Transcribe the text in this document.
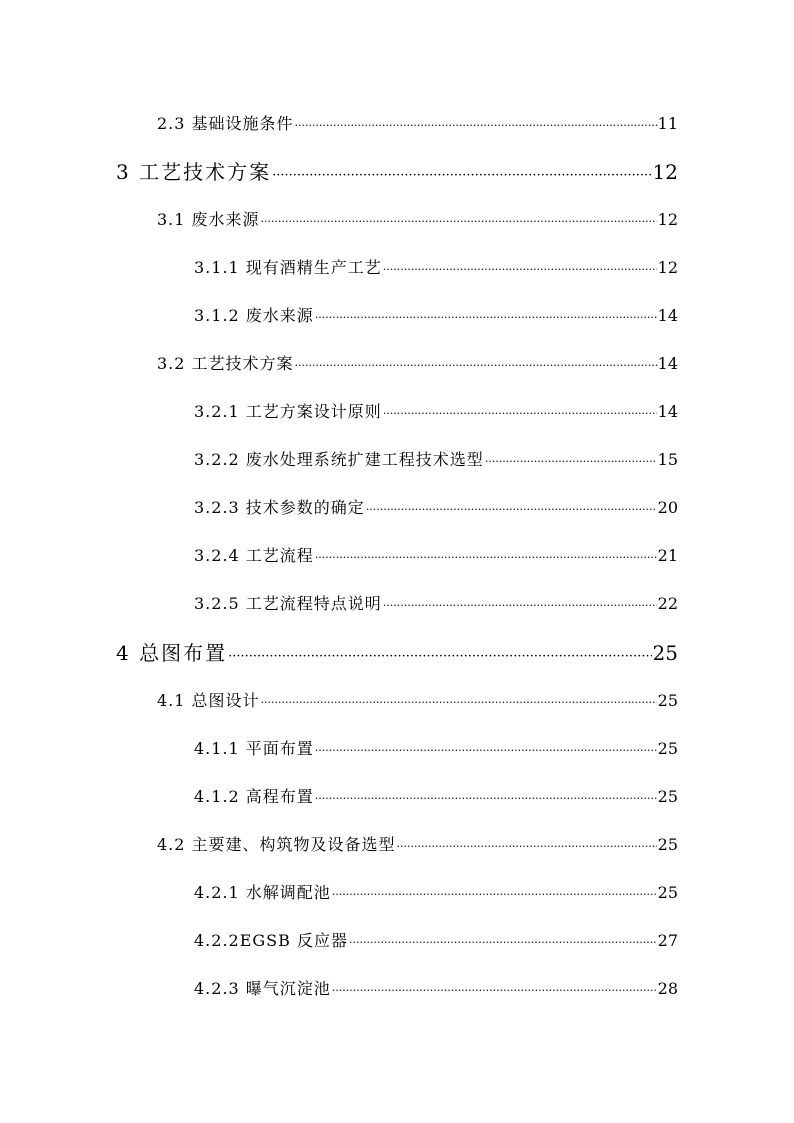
2.3 基础设施条件 ·····	11
3 工艺技术方案 ·····	12
3.1 废水来源 ·····	12
3.1.1 现有酒精生产工艺 ·····	12
3.1.2 废水来源 ·····	14
3.2 工艺技术方案 ·····	14
3.2.1 工艺方案设计原则 ·····	14
3.2.2 废水处理系统扩建工程技术选型 ·····	15
3.2.3 技术参数的确定 ·····	20
3.2.4 工艺流程 ·····	21
3.2.5 工艺流程特点说明 ·····	22
4 总图布置 ·····	25
4.1 总图设计 ·····	25
4.1.1 平面布置 ·····	25
4.1.2 高程布置 ·····	25
4.2 主要建、构筑物及设备选型 ·····	25
4.2.1 水解调配池 ·····	25
4.2.2EGSB 反应器 ·····	27
4.2.3 曝气沉淀池 ·····	28
